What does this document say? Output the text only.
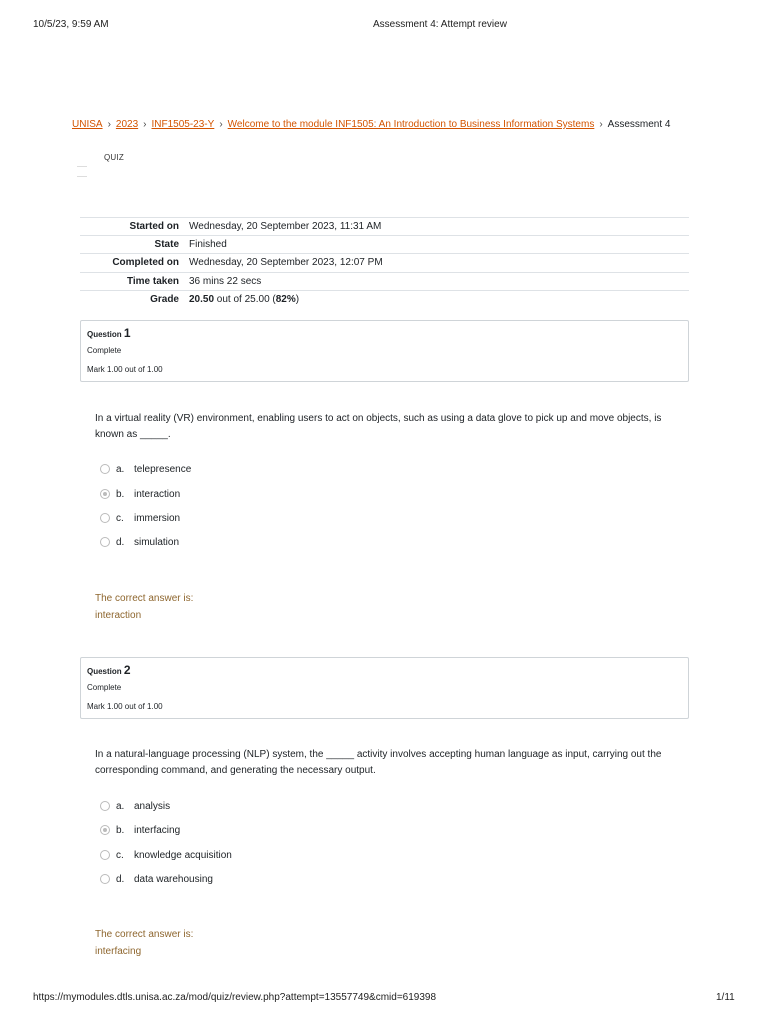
10/5/23, 9:59 AM	Assessment 4: Attempt review
UNISA › 2023 › INF1505-23-Y › Welcome to the module INF1505: An Introduction to Business Information Systems › Assessment 4
QUIZ
Started on	Wednesday, 20 September 2023, 11:31 AM
State	Finished
Completed on	Wednesday, 20 September 2023, 12:07 PM
Time taken	36 mins 22 secs
Grade	20.50 out of 25.00 (82%)
Question 1
Complete
Mark 1.00 out of 1.00
In a virtual reality (VR) environment, enabling users to act on objects, such as using a data glove to pick up and move objects, is known as _____.
a. telepresence
b. interaction
c.	immersion
d. simulation
The correct answer is:
interaction
Question 2
Complete
Mark 1.00 out of 1.00
In a natural-language processing (NLP) system, the _____ activity involves accepting human language as input, carrying out the corresponding command, and generating the necessary output.
a. analysis
b. interfacing
c.	knowledge acquisition
d. data warehousing
The correct answer is:
interfacing
https://mymodules.dtls.unisa.ac.za/mod/quiz/review.php?attempt=13557749&cmid=619398	1/11
